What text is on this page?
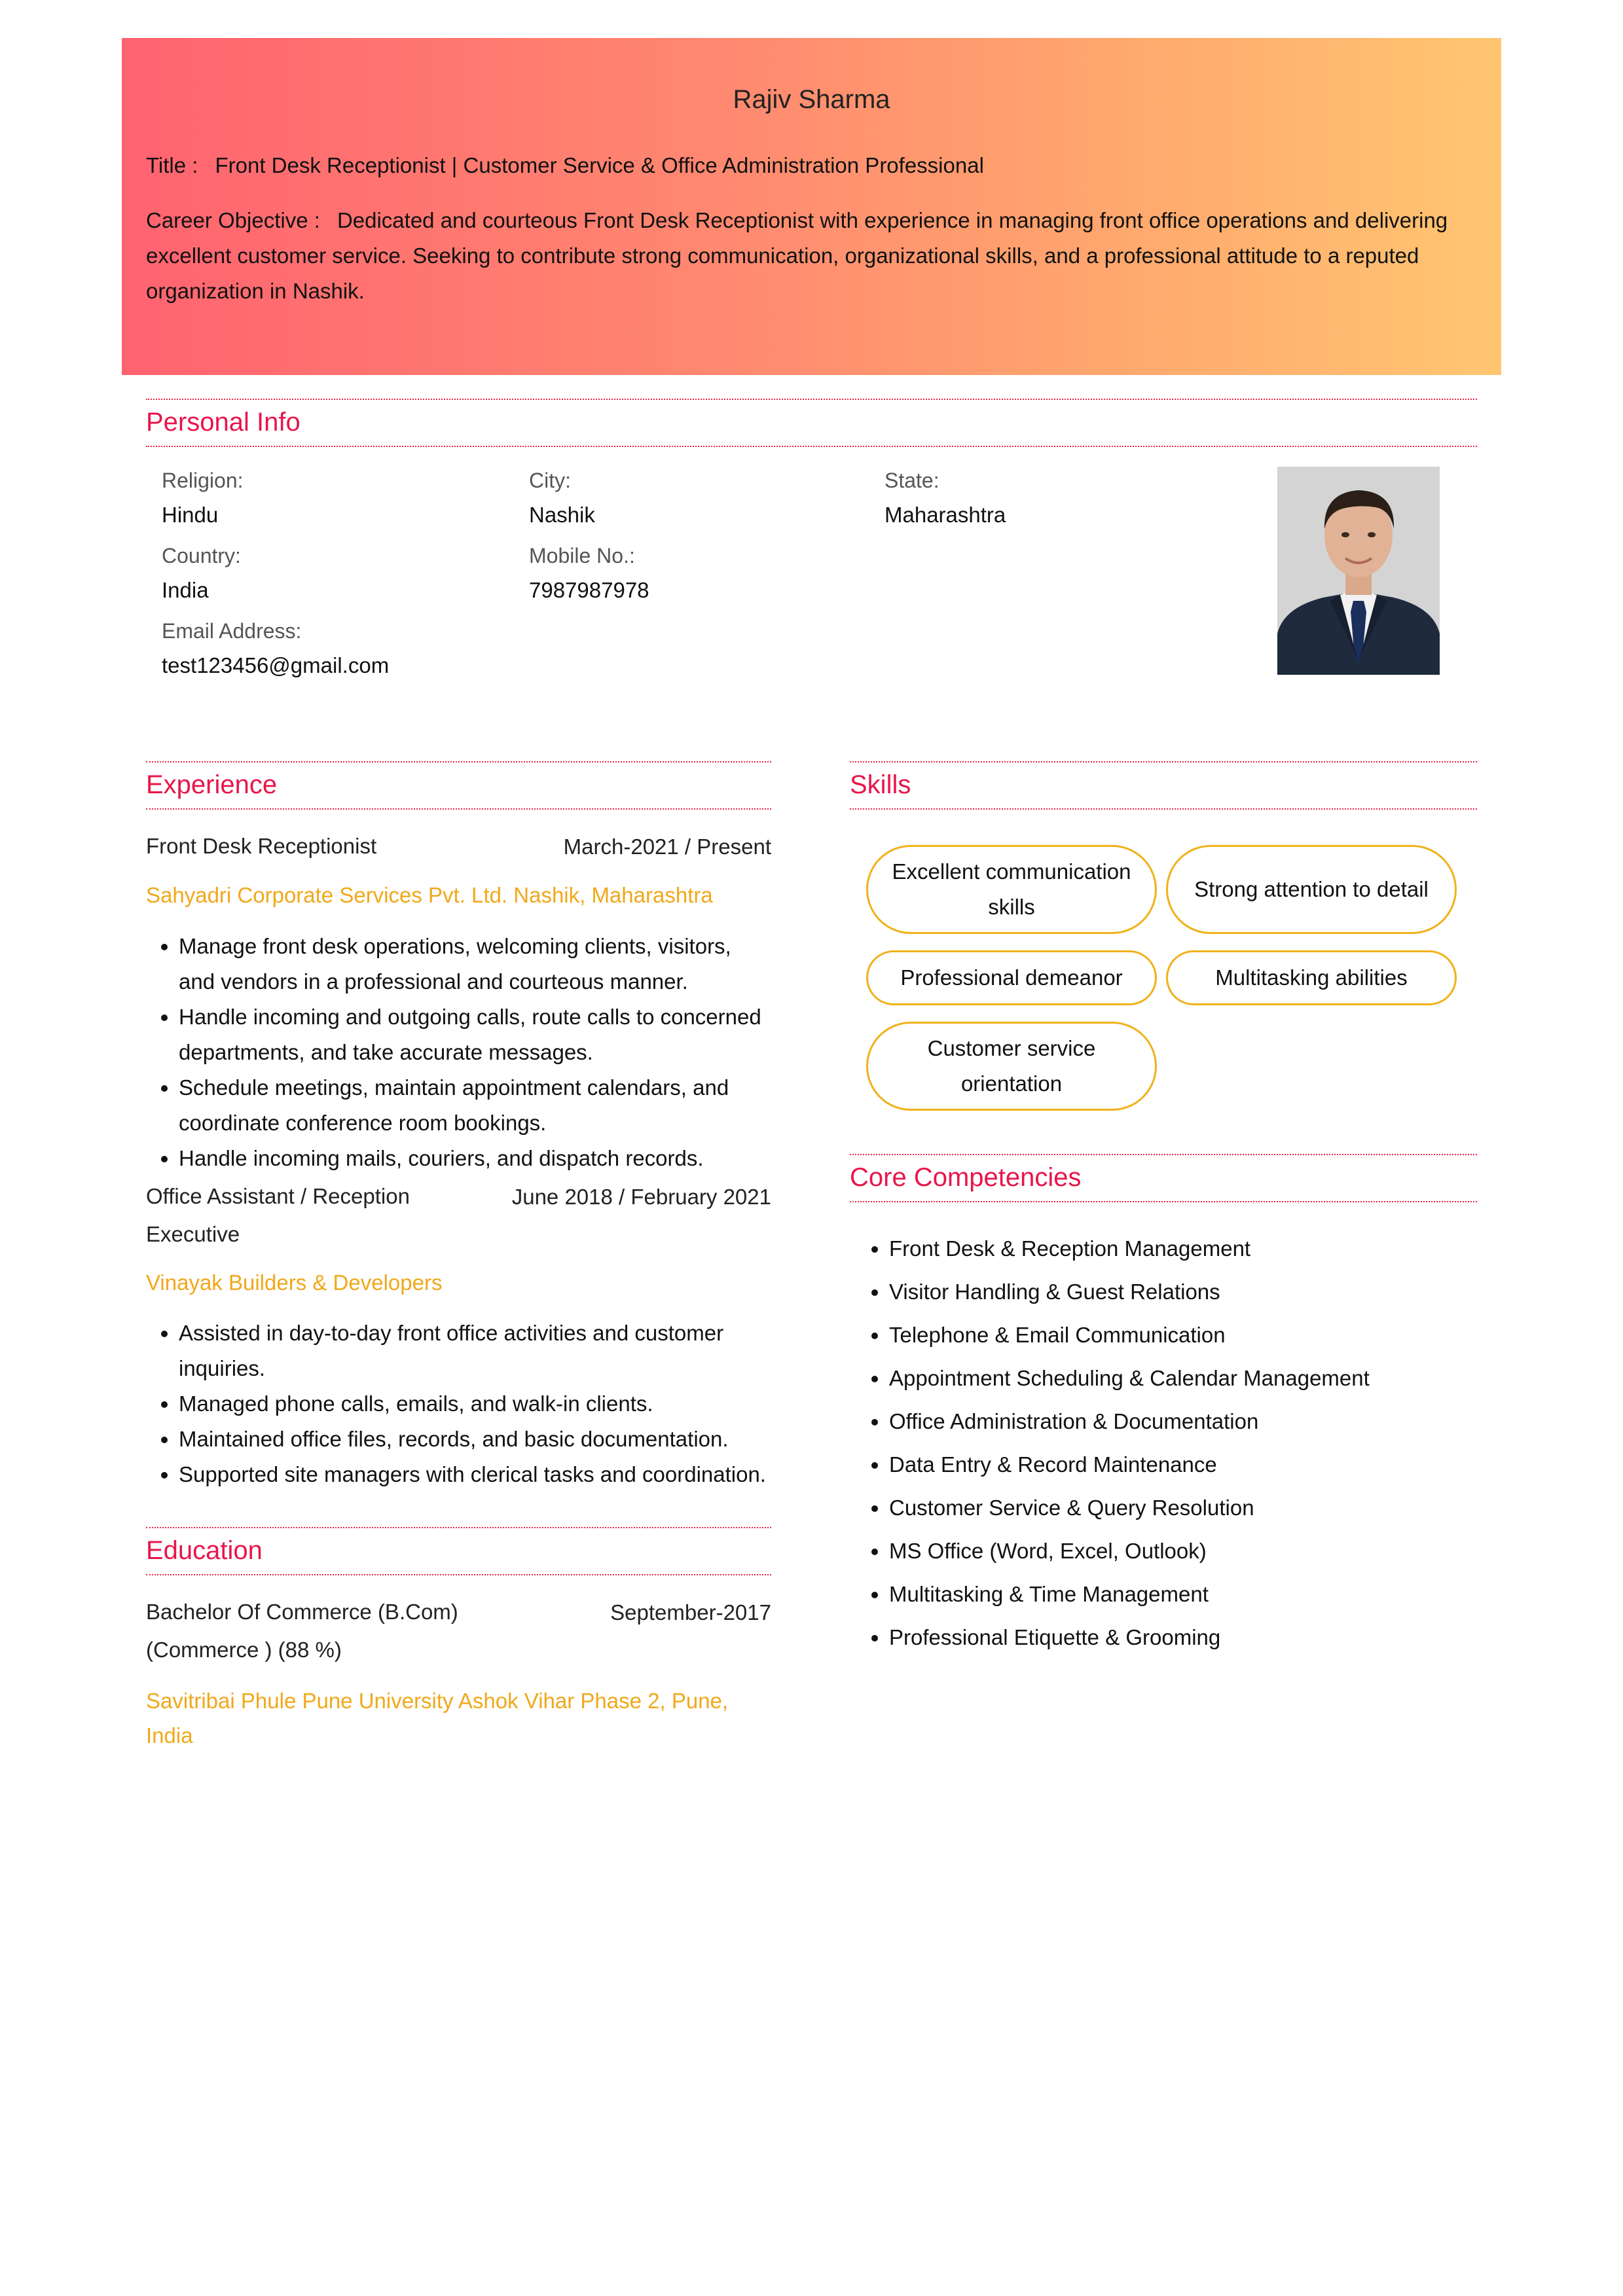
Rajiv Sharma
Title : Front Desk Receptionist | Customer Service & Office Administration Professional
Career Objective : Dedicated and courteous Front Desk Receptionist with experience in managing front office operations and delivering excellent customer service. Seeking to contribute strong communication, organizational skills, and a professional attitude to a reputed organization in Nashik.
Personal Info
Religion:
Hindu
City:
Nashik
State:
Maharashtra
Country:
India
Mobile No.:
7987987978
Email Address:
test123456@gmail.com
Experience
Front Desk Receptionist	March-2021 / Present
Sahyadri Corporate Services Pvt. Ltd. Nashik, Maharashtra
• Manage front desk operations, welcoming clients, visitors, and vendors in a professional and courteous manner.
• Handle incoming and outgoing calls, route calls to concerned departments, and take accurate messages.
• Schedule meetings, maintain appointment calendars, and coordinate conference room bookings.
• Handle incoming mails, couriers, and dispatch records.
Office Assistant / Reception Executive
June 2018 / February 2021
Vinayak Builders & Developers
• Assisted in day-to-day front office activities and customer inquiries.
• Managed phone calls, emails, and walk-in clients.
• Maintained office files, records, and basic documentation.
• Supported site managers with clerical tasks and coordination.
Education
Bachelor Of Commerce (B.Com) (Commerce ) (88 %)
September-2017
Savitribai Phule Pune University Ashok Vihar Phase 2, Pune, India
Skills
Excellent communication skills
Strong attention to detail
Professional demeanor	Multitasking abilities
Customer service orientation
Core Competencies
• Front Desk & Reception Management
• Visitor Handling & Guest Relations
• Telephone & Email Communication
• Appointment Scheduling & Calendar Management
• Office Administration & Documentation
• Data Entry & Record Maintenance
• Customer Service & Query Resolution
• MS Office (Word, Excel, Outlook)
• Multitasking & Time Management
• Professional Etiquette & Grooming
